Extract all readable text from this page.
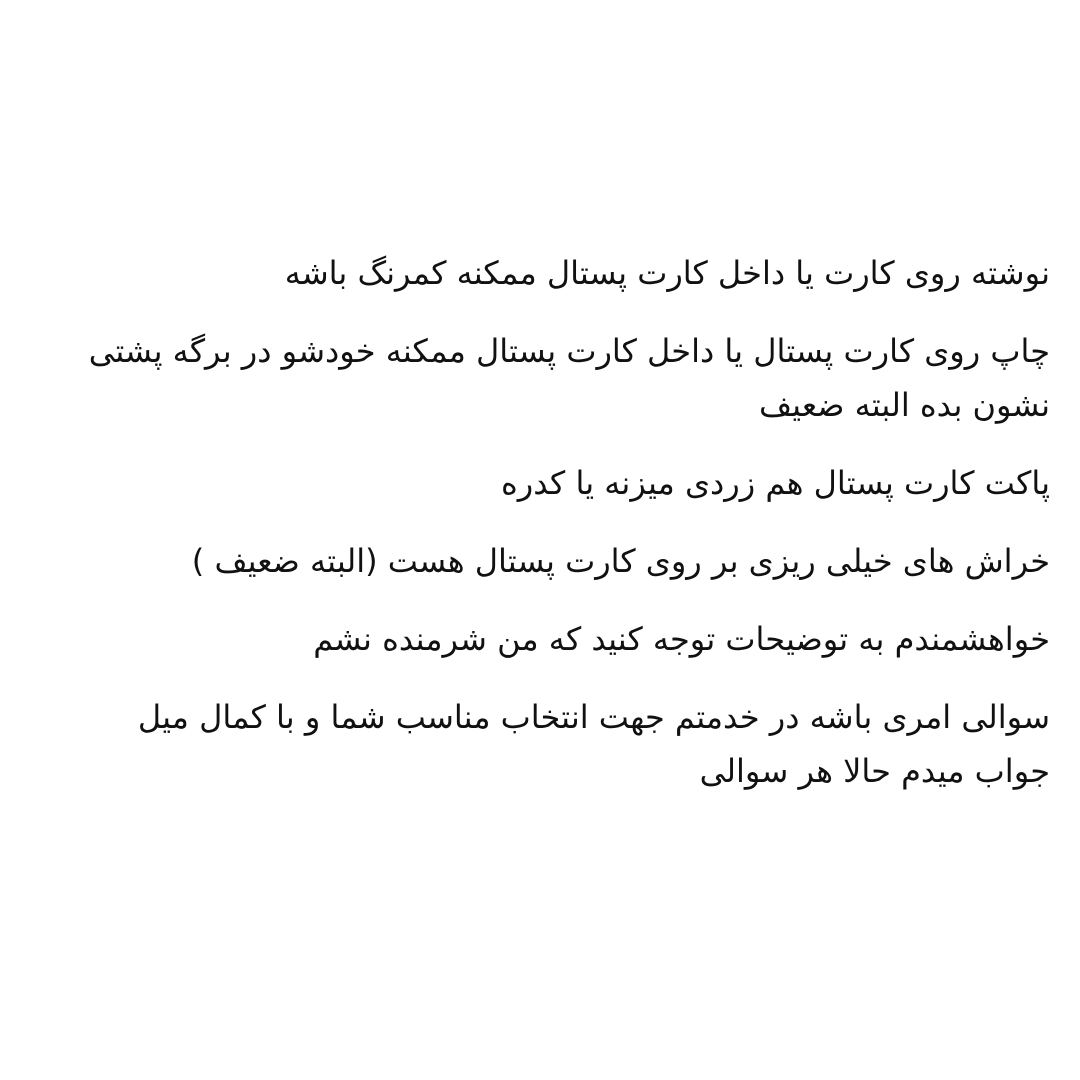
نوشته روی کارت یا داخل کارت پستال ممکنه کمرنگ باشه

چاپ روی کارت پستال یا داخل کارت پستال ممکنه خودشو در برگه پشتی نشون بده البته ضعیف

پاکت کارت پستال هم زردی میزنه یا کدره

خراش های خیلی ریزی بر روی کارت پستال هست (البته ضعیف )

خواهشمندم به توضیحات توجه کنید که من شرمنده نشم

سوالی امری باشه در خدمتم جهت انتخاب مناسب شما و با کمال میل جواب میدم حالا هر سوالی
